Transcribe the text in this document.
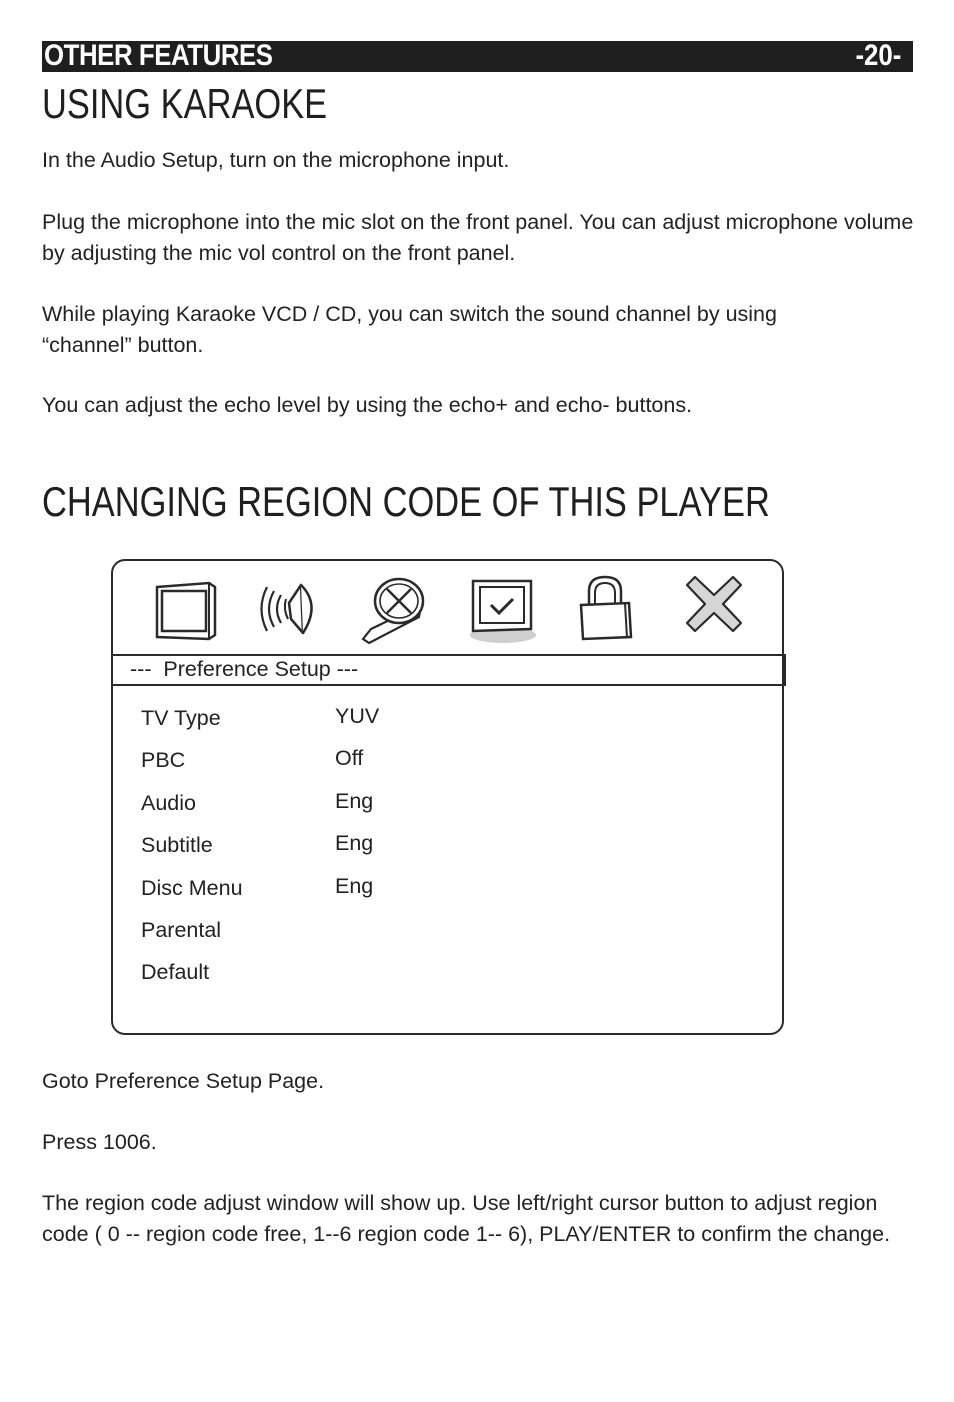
OTHER FEATURES	-20-
USING KARAOKE

In the Audio Setup, turn on the microphone input.

Plug the microphone into the mic slot on the front panel. You can adjust microphone volume by adjusting the mic vol control on the front panel.

While playing Karaoke VCD / CD, you can switch the sound channel by using “channel” button.

You can adjust the echo level by using the echo+ and echo- buttons.

CHANGING REGION CODE OF THIS PLAYER
---  Preference Setup ---
TV Type	YUV
PBC	Off
Audio	Eng
Subtitle	Eng
Disc Menu	Eng
Parental
Default

Goto Preference Setup Page.

Press 1006.

The region code adjust window will show up. Use left/right cursor button to adjust region code ( 0 -- region code free, 1--6 region code 1-- 6), PLAY/ENTER to confirm the change.
